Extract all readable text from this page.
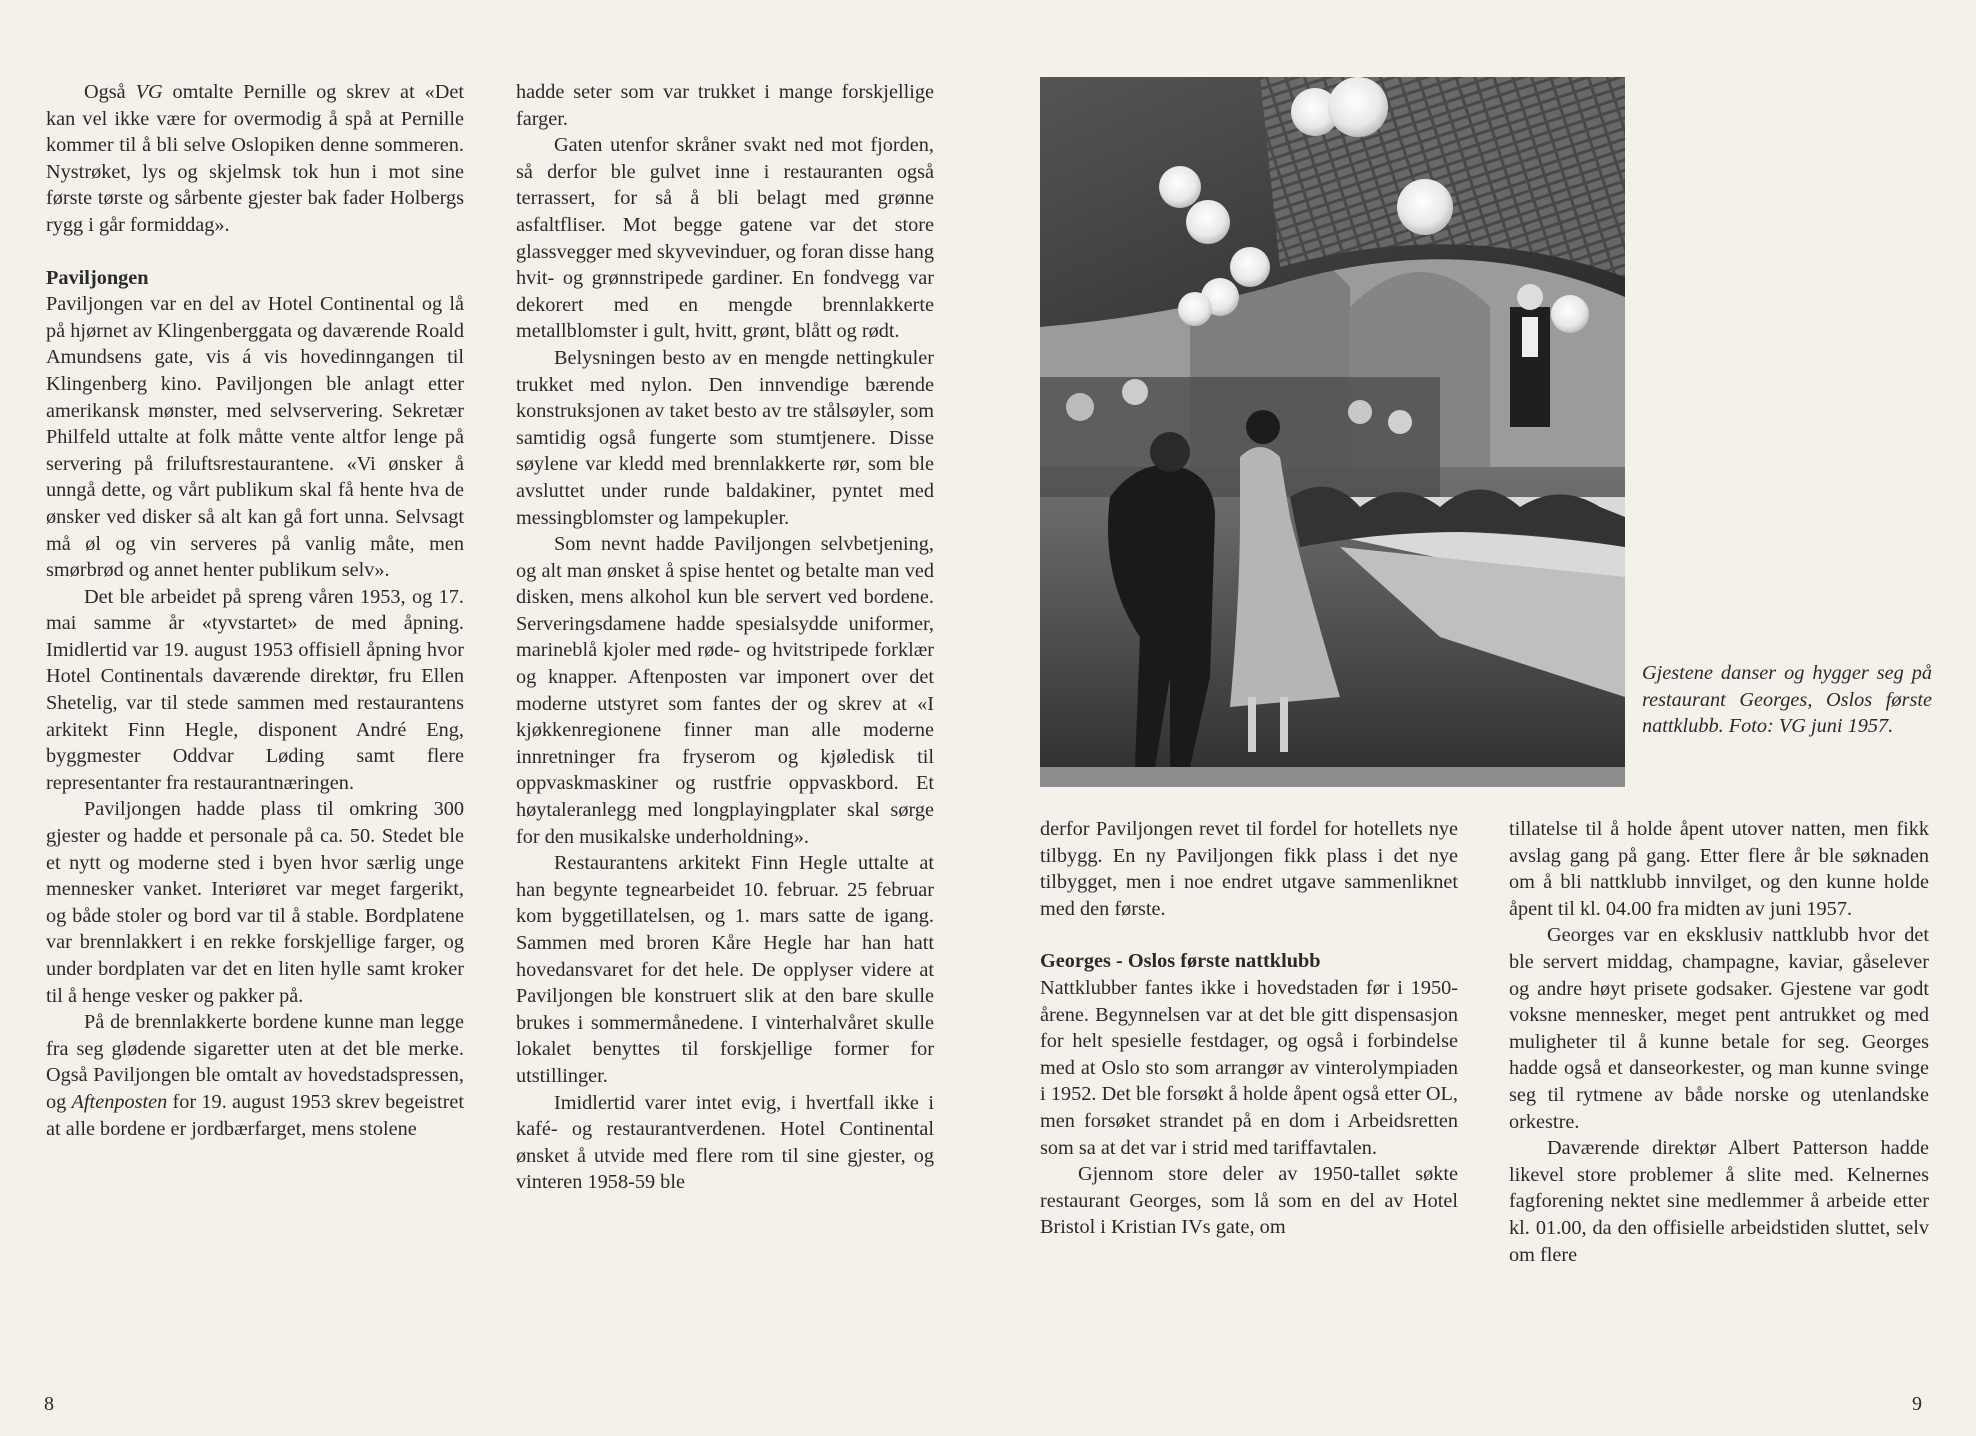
Også VG omtalte Pernille og skrev at «Det kan vel ikke være for overmodig å spå at Pernille kommer til å bli selve Oslopiken denne sommeren. Nystrøket, lys og skjelmsk tok hun i mot sine første tørste og sårbente gjester bak fader Holbergs rygg i går formiddag».

Paviljongen

Paviljongen var en del av Hotel Continental og lå på hjørnet av Klingenberggata og daværende Roald Amundsens gate, vis á vis hovedinngangen til Klingenberg kino. Paviljongen ble anlagt etter amerikansk mønster, med selvservering. Sekretær Philfeld uttalte at folk måtte vente altfor lenge på servering på friluftsrestaurantene. «Vi ønsker å unngå dette, og vårt publikum skal få hente hva de ønsker ved disker så alt kan gå fort unna. Selvsagt må øl og vin serveres på vanlig måte, men smørbrød og annet henter publikum selv».

Det ble arbeidet på spreng våren 1953, og 17. mai samme år «tyvstartet» de med åpning. Imidlertid var 19. august 1953 offisiell åpning hvor Hotel Continentals daværende direktør, fru Ellen Shetelig, var til stede sammen med restaurantens arkitekt Finn Hegle, disponent André Eng, byggmester Oddvar Løding samt flere representanter fra restaurantnæringen.

Paviljongen hadde plass til omkring 300 gjester og hadde et personale på ca. 50. Stedet ble et nytt og moderne sted i byen hvor særlig unge mennesker vanket. Interiøret var meget fargerikt, og både stoler og bord var til å stable. Bordplatene var brennlakkert i en rekke forskjellige farger, og under bordplaten var det en liten hylle samt kroker til å henge vesker og pakker på.

På de brennlakkerte bordene kunne man legge fra seg glødende sigaretter uten at det ble merke. Også Paviljongen ble omtalt av hovedstadspressen, og Aftenposten for 19. august 1953 skrev begeistret at alle bordene er jordbærfarget, mens stolene

hadde seter som var trukket i mange forskjellige farger.

Gaten utenfor skråner svakt ned mot fjorden, så derfor ble gulvet inne i restauranten også terrassert, for så å bli belagt med grønne asfaltfliser. Mot begge gatene var det store glassvegger med skyvevinduer, og foran disse hang hvit- og grønnstripede gardiner. En fondvegg var dekorert med en mengde brennlakkerte metallblomster i gult, hvitt, grønt, blått og rødt.

Belysningen besto av en mengde nettingkuler trukket med nylon. Den innvendige bærende konstruksjonen av taket besto av tre stålsøyler, som samtidig også fungerte som stumtjenere. Disse søylene var kledd med brennlakkerte rør, som ble avsluttet under runde baldakiner, pyntet med messingblomster og lampekupler.

Som nevnt hadde Paviljongen selvbetjening, og alt man ønsket å spise hentet og betalte man ved disken, mens alkohol kun ble servert ved bordene. Serveringsdamene hadde spesialsydde uniformer, marineblå kjoler med røde- og hvitstripede forklær og knapper. Aftenposten var imponert over det moderne utstyret som fantes der og skrev at «I kjøkkenregionene finner man alle moderne innretninger fra fryserom og kjøledisk til oppvaskmaskiner og rustfrie oppvaskbord. Et høytaleranlegg med longplayingplater skal sørge for den musikalske underholdning».

Restaurantens arkitekt Finn Hegle uttalte at han begynte tegnearbeidet 10. februar. 25 februar kom byggetillatelsen, og 1. mars satte de igang. Sammen med broren Kåre Hegle har han hatt hovedansvaret for det hele. De opplyser videre at Paviljongen ble konstruert slik at den bare skulle brukes i sommermånedene. I vinterhalvåret skulle lokalet benyttes til forskjellige former for utstillinger.

Imidlertid varer intet evig, i hvertfall ikke i kafé- og restaurantverdenen. Hotel Continental ønsket å utvide med flere rom til sine gjester, og vinteren 1958-59 ble

8
Gjestene danser og hygger seg på restaurant Georges, Oslos første nattklubb. Foto: VG juni 1957.

derfor Paviljongen revet til fordel for hotellets nye tilbygg. En ny Paviljongen fikk plass i det nye tilbygget, men i noe endret utgave sammenliknet med den første.

Georges - Oslos første nattklubb

Nattklubber fantes ikke i hovedstaden før i 1950-årene. Begynnelsen var at det ble gitt dispensasjon for helt spesielle festdager, og også i forbindelse med at Oslo sto som arrangør av vinterolympiaden i 1952. Det ble forsøkt å holde åpent også etter OL, men forsøket strandet på en dom i Arbeidsretten som sa at det var i strid med tariffavtalen.

Gjennom store deler av 1950-tallet søkte restaurant Georges, som lå som en del av Hotel Bristol i Kristian IVs gate, om

tillatelse til å holde åpent utover natten, men fikk avslag gang på gang. Etter flere år ble søknaden om å bli nattklubb innvilget, og den kunne holde åpent til kl. 04.00 fra midten av juni 1957.

Georges var en eksklusiv nattklubb hvor det ble servert middag, champagne, kaviar, gåselever og andre høyt prisete godsaker. Gjestene var godt voksne mennesker, meget pent antrukket og med muligheter til å kunne betale for seg. Georges hadde også et danseorkester, og man kunne svinge seg til rytmene av både norske og utenlandske orkestre.

Daværende direktør Albert Patterson hadde likevel store problemer å slite med. Kelnernes fagforening nektet sine medlemmer å arbeide etter kl. 01.00, da den offisielle arbeidstiden sluttet, selv om flere

9
